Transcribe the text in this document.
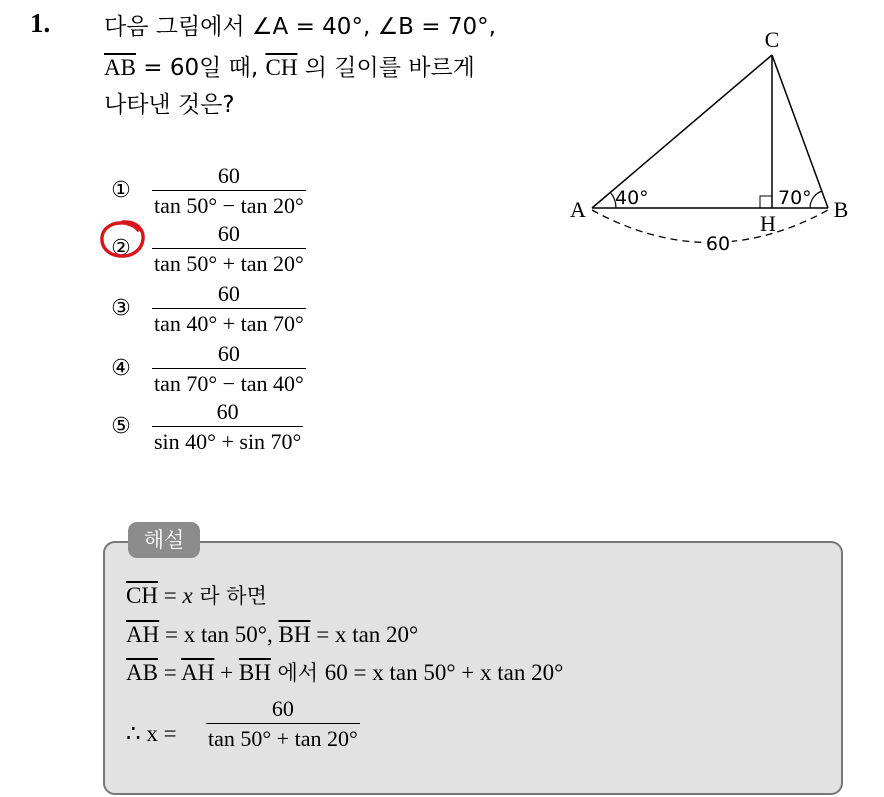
1. 다음 그림에서 ∠A = 40°, ∠B = 70°,
$\overline{AB} = 60$일 때, $\overline{CH}$ 의 길이를 바르게
나타낸 것은?
①
60
tan 50° − tan 20°
②
60
tan 50° + tan 20°
③
60
tan 40° + tan 70°
④
60
tan 70° − tan 40°
⑤
60
sin 40° + sin 70°
C
A	B
H
40°	70°
60
해설
$\overline{CH} = x$ 라 하면
$\overline{AH} = x$ tan 50°, $\overline{BH} = x$ tan 20°
$\overline{AB} = \overline{AH} + \overline{BH}$ 에서 60 = x tan 50° + x tan 20°
∴ x =
60
tan 50° + tan 20°
